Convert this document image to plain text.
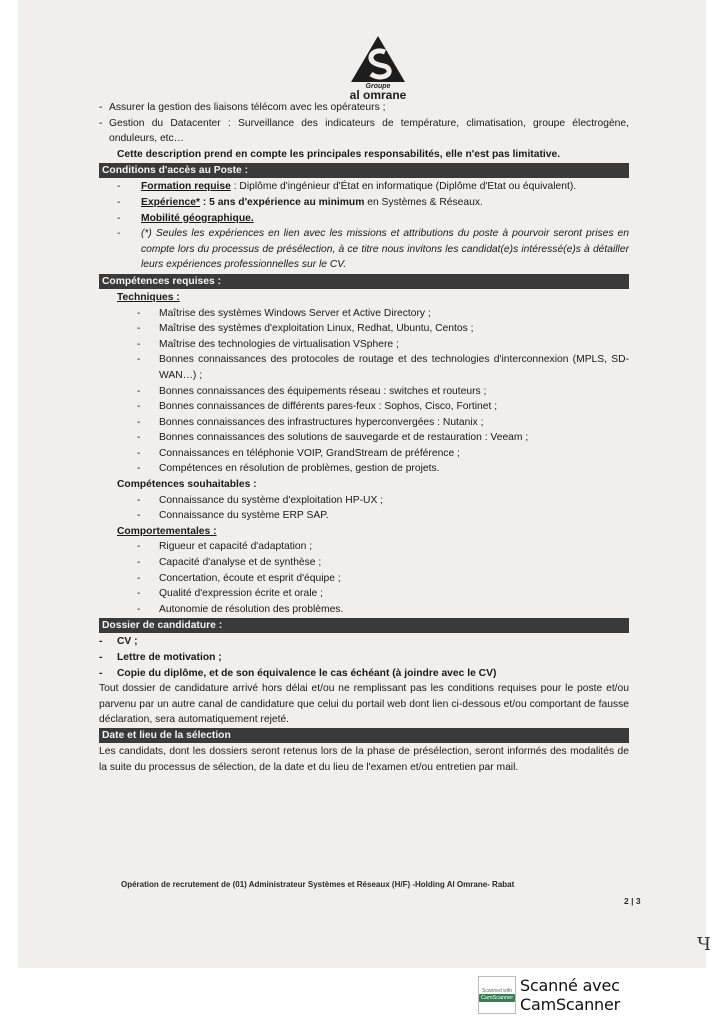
Groupe
al omrane
Opération de recrutement de (01) Administrateur Systèmes et Réseaux (H/F) -Holding Al Omrane- Rabat
2 | 3
Ч
- Assurer la gestion des liaisons télécom avec les opérateurs ;
- Gestion du Datacenter : Surveillance des indicateurs de température, climatisation, groupe électrogène, onduleurs, etc…

Cette description prend en compte les principales responsabilités, elle n'est pas limitative.

Conditions d'accès au Poste :
- Formation requise : Diplôme d'ingénieur d'État en informatique (Diplôme d'Etat ou équivalent).
- Expérience* : 5 ans d'expérience au minimum en Systèmes & Réseaux.
- Mobilité géographique.
- (*) Seules les expériences en lien avec les missions et attributions du poste à pourvoir seront prises en compte lors du processus de présélection, à ce titre nous invitons les candidat(e)s intéressé(e)s à détailler leurs expériences professionnelles sur le CV.
Compétences requises :

Techniques :

- Maîtrise des systèmes Windows Server et Active Directory ;
- Maîtrise des systèmes d'exploitation Linux, Redhat, Ubuntu, Centos ;
- Maîtrise des technologies de virtualisation VSphere ;
- Bonnes connaissances des protocoles de routage et des technologies d'interconnexion (MPLS, SD-WAN…) ;
- Bonnes connaissances des équipements réseau : switches et routeurs ;
- Bonnes connaissances de différents pares-feux : Sophos, Cisco, Fortinet ;
- Bonnes connaissances des infrastructures hyperconvergées : Nutanix ;
- Bonnes connaissances des solutions de sauvegarde et de restauration : Veeam ;
- Connaissances en téléphonie VOIP, GrandStream de préférence ;
- Compétences en résolution de problèmes, gestion de projets.

Compétences souhaitables :

- Connaissance du système d'exploitation HP-UX ;
- Connaissance du système ERP SAP.

Comportementales :

- Rigueur et capacité d'adaptation ;
- Capacité d'analyse et de synthèse ;
- Concertation, écoute et esprit d'équipe ;
- Qualité d'expression écrite et orale ;
- Autonomie de résolution des problèmes.
Dossier de candidature :
- CV ;
- Lettre de motivation ;
- Copie du diplôme, et de son équivalence le cas échéant (à joindre avec le CV)

Tout dossier de candidature arrivé hors délai et/ou ne remplissant pas les conditions requises pour le poste et/ou parvenu par un autre canal de candidature que celui du portail web dont lien ci-dessous et/ou comportant de fausse déclaration, sera automatiquement rejeté.

Date et lieu de la sélection

Les candidats, dont les dossiers seront retenus lors de la phase de présélection, seront informés des modalités de la suite du processus de sélection, de la date et du lieu de l'examen et/ou entretien par mail.

Scanned with
CamScanner
Scanné avec CamScanner
